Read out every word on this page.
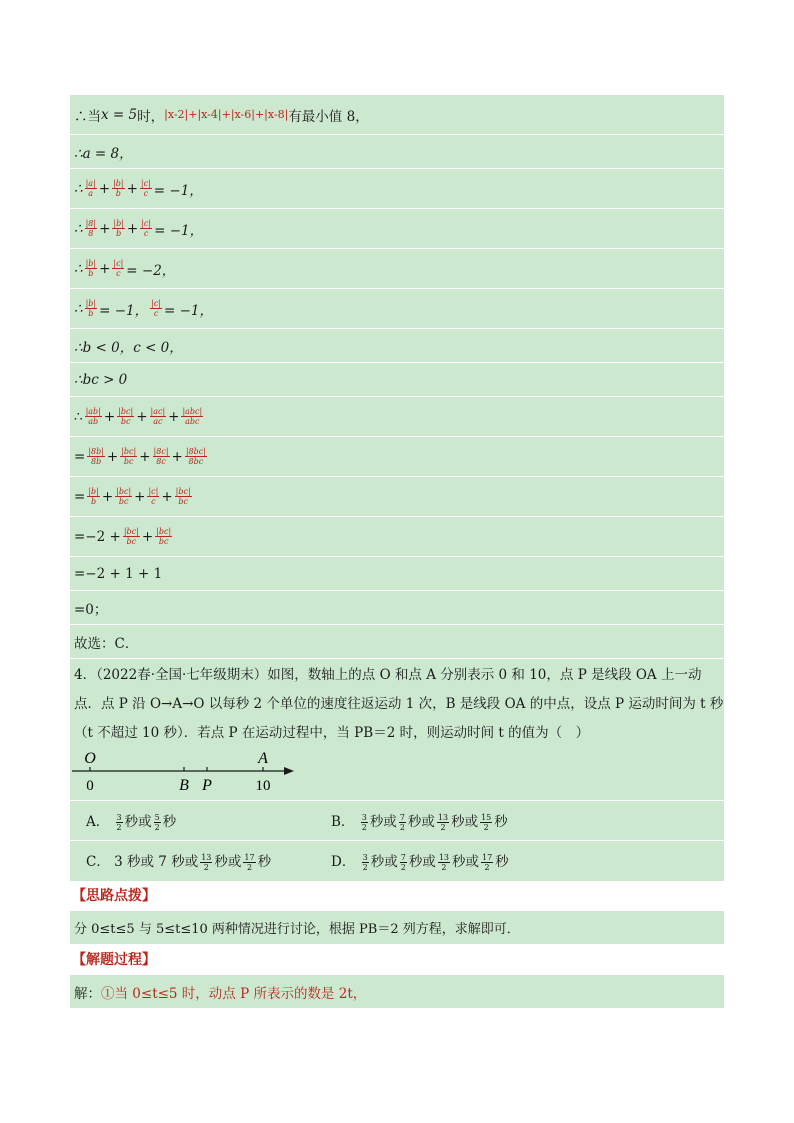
∴当 x = 5 时， |x-2|+|x-4|+|x-6|+|x-8| 有最小值 8，
∴a = 8，
∴ $\frac{|a|}{a} + \frac{|b|}{b} + \frac{|c|}{c} = -1$，
∴ $\frac{|8|}{8} + \frac{|b|}{b} + \frac{|c|}{c} = -1$，
∴ $\frac{|b|}{b} + \frac{|c|}{c} = -2$，
∴ $\frac{|b|}{b} = -1$， $\frac{|c|}{c} = -1$，
∴b < 0，c < 0，
∴bc > 0
∴ $\frac{|ab|}{ab} + \frac{|bc|}{bc} + \frac{|ac|}{ac} + \frac{\text{|abc|}}{\text{abc}}$
= $\frac{|8b|}{8b} + \frac{|bc|}{bc} + \frac{|8c|}{8c} + \frac{|8bc|}{8bc}$
= $\frac{|b|}{b} + \frac{|bc|}{bc} + \frac{|c|}{c} + \frac{|bc|}{bc}$
$=-2 + \frac{|bc|}{bc} + \frac{|bc|}{bc}$
=−2 + 1 + 1
=0；
故选：C．
4．（2022春·全国·七年级期末）如图，数轴上的点 O 和点 A 分别表示 0 和 10，点 P 是线段 OA 上一动
点．点 P 沿 O→A→O 以每秒 2 个单位的速度往返运动 1 次，B 是线段 OA 的中点，设点 P 运动时间为 t 秒
（t 不超过 10 秒）．若点 P 在运动过程中，当 PB＝2 时，则运动时间 t 的值为（　）
O	A
B P
0	10
A． $\frac{3}{2}$ 秒或 $\frac{5}{2}$ 秒	B． $\frac{3}{2}$ 秒或 $\frac{7}{2}$ 秒或 $\frac{13}{2}$ 秒或 $\frac{15}{2}$ 秒
C． 3 秒或 7 秒或 $\frac{13}{2}$ 秒或 $\frac{17}{2}$ 秒	D． $\frac{3}{2}$ 秒或 $\frac{7}{2}$ 秒或 $\frac{13}{2}$ 秒或 $\frac{17}{2}$ 秒
【思路点拨】
分 0≤t≤5 与 5≤t≤10 两种情况进行讨论，根据 PB＝2 列方程，求解即可．
【解题过程】
解： ①当 0≤t≤5 时，动点 P 所表示的数是 2t，
